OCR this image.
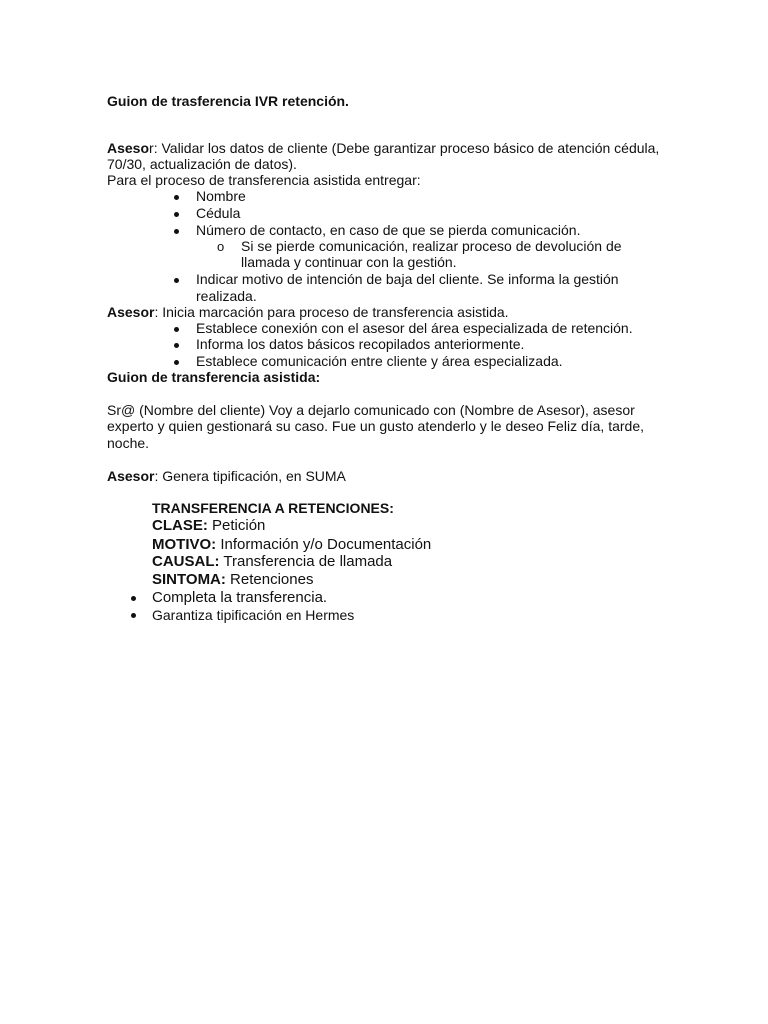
Guion de trasferencia IVR retención.
Asesor: Validar los datos de cliente (Debe garantizar proceso básico de atención cédula,
70/30, actualización de datos).
Para el proceso de transferencia asistida entregar:
Nombre
Cédula
Número de contacto, en caso de que se pierda comunicación.
o Si se pierde comunicación, realizar proceso de devolución de
llamada y continuar con la gestión.
Indicar motivo de intención de baja del cliente. Se informa la gestión
realizada.
Asesor: Inicia marcación para proceso de transferencia asistida.
Establece conexión con el asesor del área especializada de retención.
Informa los datos básicos recopilados anteriormente.
Establece comunicación entre cliente y área especializada.
Guion de transferencia asistida:
Sr@ (Nombre del cliente) Voy a dejarlo comunicado con (Nombre de Asesor), asesor
experto y quien gestionará su caso. Fue un gusto atenderlo y le deseo Feliz día, tarde,
noche.
Asesor: Genera tipificación, en SUMA
TRANSFERENCIA A RETENCIONES:
CLASE: Petición
MOTIVO: Información y/o Documentación
CAUSAL: Transferencia de llamada
SINTOMA: Retenciones
Completa la transferencia.
Garantiza tipificación en Hermes
